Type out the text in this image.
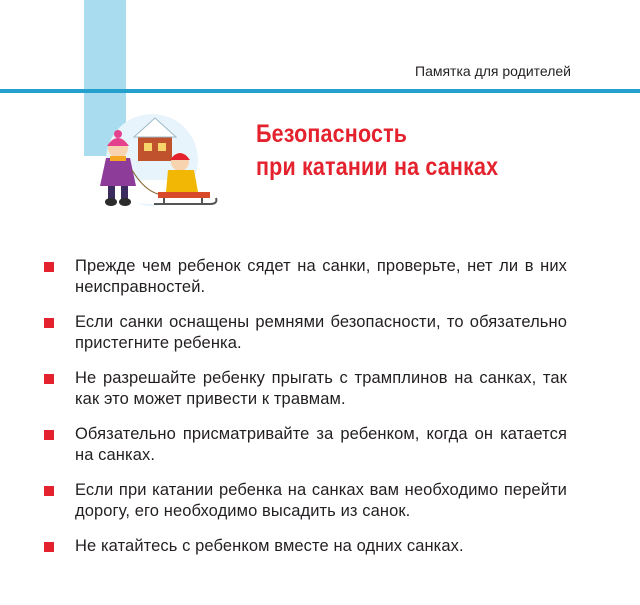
Памятка для родителей
Безопасность
при катании на санках
Прежде чем ребенок сядет на санки, проверьте, нет ли в них неисправностей.
Если санки оснащены ремнями безопасности, то обязательно пристегните ребенка.
Не разрешайте ребенку прыгать с трамплинов на санках, так как это может привести к травмам.
Обязательно присматривайте за ребенком, когда он катается на санках.
Если при катании ребенка на санках вам необходимо перейти дорогу, его необходимо высадить из санок.
Не катайтесь с ребенком вместе на одних санках.
